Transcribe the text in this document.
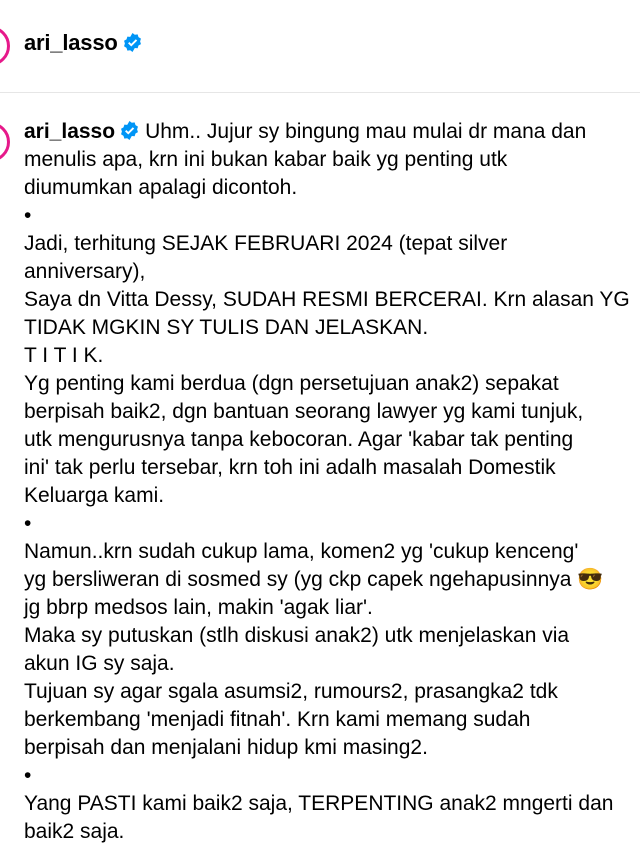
ari_lasso
ari_lasso Uhm.. Jujur sy bingung mau mulai dr mana dan
menulis apa, krn ini bukan kabar baik yg penting utk
diumumkan apalagi dicontoh.
•
Jadi, terhitung SEJAK FEBRUARI 2024 (tepat silver
anniversary),
Saya dn Vitta Dessy, SUDAH RESMI BERCERAI. Krn alasan YG
TIDAK MGKIN SY TULIS DAN JELASKAN.
T I T I K.
Yg penting kami berdua (dgn persetujuan anak2) sepakat
berpisah baik2, dgn bantuan seorang lawyer yg kami tunjuk,
utk mengurusnya tanpa kebocoran. Agar 'kabar tak penting
ini' tak perlu tersebar, krn toh ini adalh masalah Domestik
Keluarga kami.
•
Namun..krn sudah cukup lama, komen2 yg 'cukup kenceng'
yg bersliweran di sosmed sy (yg ckp capek ngehapusinnya 😎
jg bbrp medsos lain, makin 'agak liar'.
Maka sy putuskan (stlh diskusi anak2) utk menjelaskan via
akun IG sy saja.
Tujuan sy agar sgala asumsi2, rumours2, prasangka2 tdk
berkembang 'menjadi fitnah'. Krn kami memang sudah
berpisah dan menjalani hidup kmi masing2.
•
Yang PASTI kami baik2 saja, TERPENTING anak2 mngerti dan
baik2 saja.
